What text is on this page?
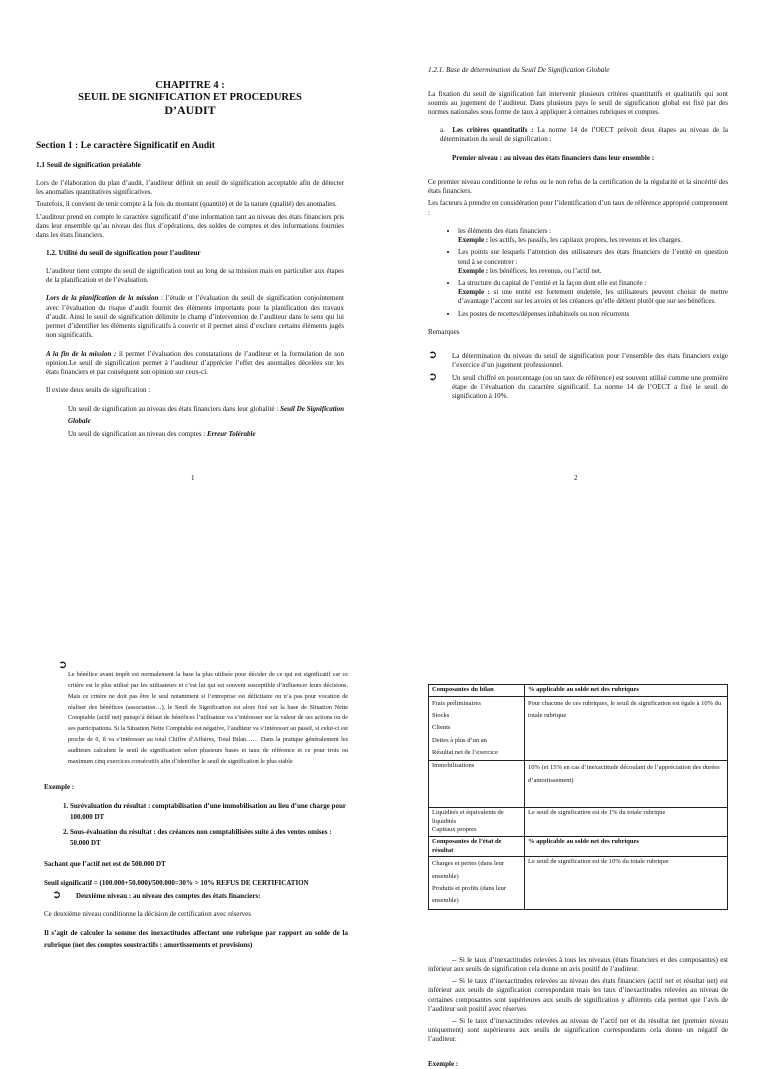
CHAPITRE 4 :

SEUIL DE SIGNIFICATION ET PROCEDURES

D’AUDIT

Section 1 : Le caractère Significatif en Audit

1.1 Seuil de signification préalable

Lors de l’élaboration du plan d’audit, l’auditeur définit un seuil de signification acceptable afin de détecter les anomalies quantitatives significatives.

Toutefois, il convient de tenir compte à la fois du montant (quantité) et de la nature (qualité) des anomalies.

L’auditeur prend en compte le caractère significatif d’une information tant au niveau des états financiers pris dans leur ensemble qu’au niveau des flux d’opérations, des soldes de comptes et des informations fournies dans les états financiers.

1.2. Utilité du seuil de signification pour l’auditeur

L’auditeur tient compte du seuil de signification tout au long de sa mission mais en particulier aux étapes de la planification et de l’évaluation.

Lors de la planification de la mission : l’étude et l’évaluation du seuil de signification conjointement avec l’évaluation du risque d’audit fournit des éléments importants pour la planification des travaux d’audit. Ainsi le seuil de signification délimite le champ d’intervention de l’auditeur dans le sens qui lui permet d’identifier les éléments significatifs à couvrir et il permet ainsi d’exclure certains éléments jugés non significatifs.

A la fin de la mission : il permet l’évaluation des constatations de l’auditeur et la formulation de son opinion.Le seuil de signification permet à l’auditeur d’apprécier l’effet des anomalies décelées sur les états financiers et par conséquent son opinion sur ceux-ci.

Il existe deux seuils de signification :

Un seuil de signification au niveau des états financiers dans leur globalité : Seuil De Signification Globale

Un seuil de signification au niveau des comptes : Erreur Tolérable

1

1.2.1. Base de détermination du Seuil De Signification Globale

La fixation du seuil de signification fait intervenir plusieurs critères quantitatifs et qualitatifs qui sont soumis au jugement de l’auditeur. Dans plusieurs pays le seuil de signification global est fixé par des normes nationales sous forme de taux à appliquer à certaines rubriques et comptes.

a. Les critères quantitatifs : La norme 14 de l’OECT prévoit deux étapes au niveau de la détermination du seuil de signification :

Premier niveau : au niveau des états financiers dans leur ensemble :

Ce premier niveau conditionne le refus ou le non refus de la certification de la régularité et la sincérité des états financiers.

Les facteurs à prendre en considération pour l’identification d’un taux de référence approprié comprennent :

• les éléments des états financiers :
Exemple : les actifs, les passifs, les capitaux propres, les revenus et les charges.
• Les points sur lesquels l’attention des utilisateurs des états financiers de l’entité en question tend à se concentrer :
Exemple : les bénéfices, les revenus, ou l’actif net.
• La structure du capital de l’entité et la façon dont elle est financée :
Exemple : si une entité est fortement endettée, les utilisateurs peuvent choisir de mettre d’avantage l’accent sur les avoirs et les créances qu’elle détient plutôt que sur ses bénéfices.
• Les postes de recettes/dépenses inhabituels ou non récurrents

Remarques

➲ La détermination du niveau du seuil de signification pour l’ensemble des états financiers exige l’exercice d’un jugement professionnel.

➲ Un seuil chiffré en pourcentage (ou un taux de référence) est souvent utilisé comme une première étape de l’évaluation du caractère significatif. La norme 14 de l’OECT a fixé le seuil de signification à 10%.

2
➲

Le bénéfice avant impôt est normalement la base la plus utilisée pour décider de ce qui est significatif car ce critère est le plus utilisé par les utilisateurs et c’est lui qui est souvent susceptible d’influencer leurs décisions. Mais ce critère ne doit pas être le seul notamment si l’entreprise est déficitaire ou n’a pas pour vocation de réaliser des bénéfices (association…), le Seuil de Signification est alors fixé sur la base de Situation Nette Comptable (actif net) puisqu’à défaut de bénéfices l’utilisateur va s’intéresser sur la valeur de ses actions ou de ses participations. Si la Situation Nette Comptable est négative, l’auditeur va s’intéresser au passif, si celui-ci est proche de 0, il va s’intéresser au total Chiffre d’Affaires, Total Bilan…… Dans la pratique généralement les auditeurs calculent le seuil de signification selon plusieurs bases et taux de référence et ce pour trois ou maximum cinq exercices consécutifs afin d’identifier le seuil de signification le plus stable

Exemple :

1. Surévaluation du résultat : comptabilisation d’une immobilisation au lieu d’une charge pour 100.000 DT
2. Sous-évaluation du résultat : des créances non comptabilisées suite à des ventes omises : 50.000 DT

Sachant que l’actif net est de 500.000 DT

Seuil significatif = (100.000+50.000)/500.000=30% > 10% REFUS DE CERTIFICATION

➲ Deuxième niveau : au niveau des comptes des états financiers:

Ce deuxième niveau conditionne la décision de certification avec réserves

Il s’agit de calculer la somme des inexactitudes affectant une rubrique par rapport au solde de la rubrique (net des comptes soustractifs : amortissements et provisions)

Composantes du bilan	% applicable au solde net des rubriques

Frais préliminaires
Stocks
Clients
Dettes à plus d’un an
Résultat net de l’exercice	Pour chacune de ces rubriques, le seuil de signification est égale à 10% du totale rubrique
Immobilisations	10% (et 15% en cas d’inexactitude découlant de l’appréciation des durées d’amortissement)

Liquidités et équivalents de liquidités
Capitaux propres	Le seuil de signification est de 1% du totale rubrique
Composantes de l’état de résultat	% applicable au solde net des rubriques

Charges et pertes (dans leur ensemble)
Produits et profits (dans leur ensemble)	Le seuil de signification est de 10% du totale rubrique

-- Si le taux d’inexactitudes relevées à tous les niveaux (états financiers et des composantes) est inférieur aux seuils de signification cela donne un avis positif de l’auditeur.

-- Si le taux d’inexactitudes relevées au niveau des états financiers (actif net et résultat net) est inférieur aux seuils de signification correspondant mais les taux d’inexactitudes relevées au niveau de certaines composantes sont supérieures aux seuils de signification y afférents cela permet que l’avis de l’auditeur soit positif avec réserves

-- Si le taux d’inexactitudes relevées au niveau de l’actif net et du résultat net (premier niveau uniquement) sont supérieures aux seuils de signification correspondants cela donne un négatif de l’auditeur.

Exemple :
